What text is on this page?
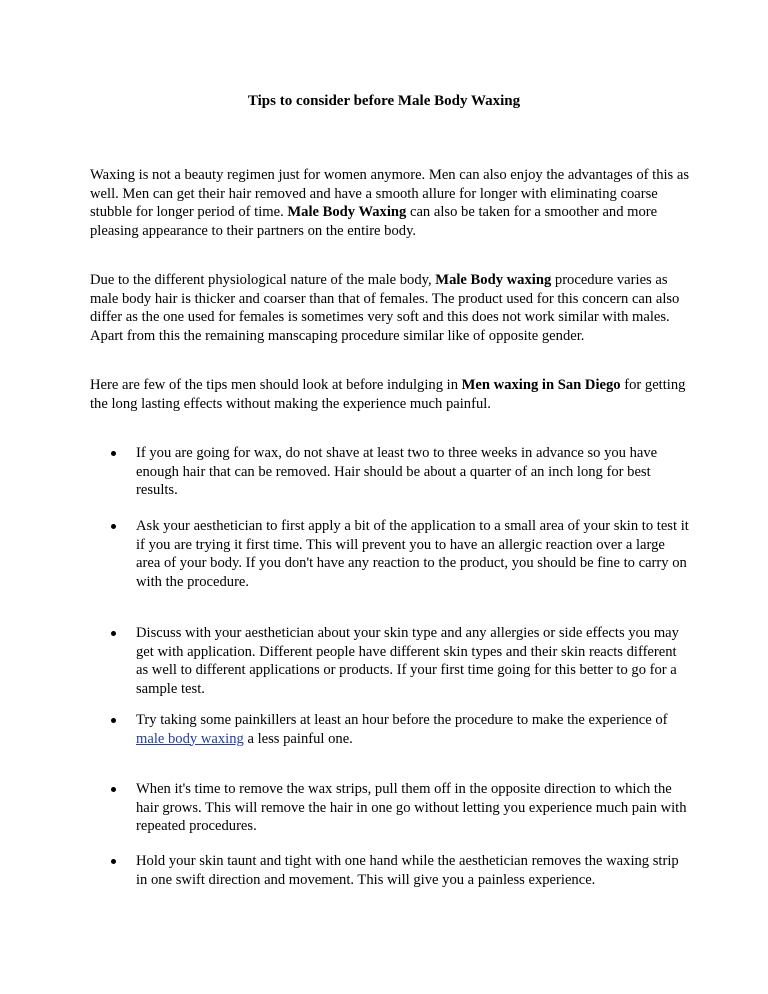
Tips to consider before Male Body Waxing

Waxing is not a beauty regimen just for women anymore. Men can also enjoy the advantages of this as well. Men can get their hair removed and have a smooth allure for longer with eliminating coarse stubble for longer period of time. Male Body Waxing can also be taken for a smoother and more pleasing appearance to their partners on the entire body.

Due to the different physiological nature of the male body, Male Body waxing procedure varies as male body hair is thicker and coarser than that of females. The product used for this concern can also differ as the one used for females is sometimes very soft and this does not work similar with males. Apart from this the remaining manscaping procedure similar like of opposite gender.

Here are few of the tips men should look at before indulging in Men waxing in San Diego for getting the long lasting effects without making the experience much painful.

If you are going for wax, do not shave at least two to three weeks in advance so you have enough hair that can be removed. Hair should be about a quarter of an inch long for best results.
Ask your aesthetician to first apply a bit of the application to a small area of your skin to test it if you are trying it first time. This will prevent you to have an allergic reaction over a large area of your body. If you don't have any reaction to the product, you should be fine to carry on with the procedure.
Discuss with your aesthetician about your skin type and any allergies or side effects you may get with application. Different people have different skin types and their skin reacts different as well to different applications or products. If your first time going for this better to go for a sample test.
Try taking some painkillers at least an hour before the procedure to make the experience of male body waxing a less painful one.
When it's time to remove the wax strips, pull them off in the opposite direction to which the hair grows. This will remove the hair in one go without letting you experience much pain with repeated procedures.
Hold your skin taunt and tight with one hand while the aesthetician removes the waxing strip in one swift direction and movement. This will give you a painless experience.
